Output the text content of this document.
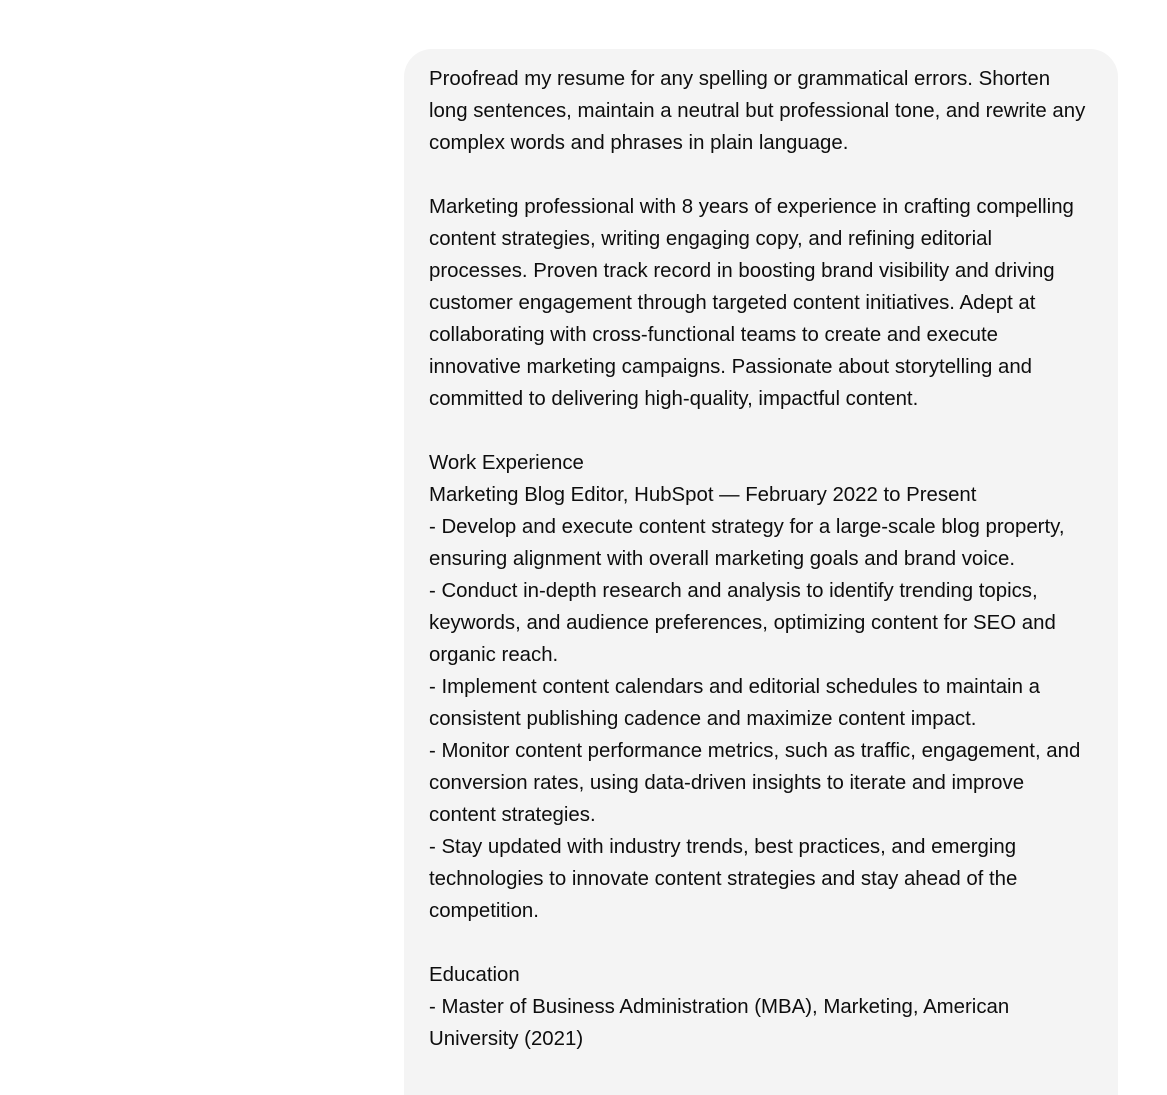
Proofread my resume for any spelling or grammatical errors. Shorten long sentences, maintain a neutral but professional tone, and rewrite any complex words and phrases in plain language.

Marketing professional with 8 years of experience in crafting compelling content strategies, writing engaging copy, and refining editorial processes. Proven track record in boosting brand visibility and driving customer engagement through targeted content initiatives. Adept at collaborating with cross-functional teams to create and execute innovative marketing campaigns. Passionate about storytelling and committed to delivering high-quality, impactful content.

Work Experience
Marketing Blog Editor, HubSpot — February 2022 to Present
- Develop and execute content strategy for a large-scale blog property, ensuring alignment with overall marketing goals and brand voice.
- Conduct in-depth research and analysis to identify trending topics, keywords, and audience preferences, optimizing content for SEO and organic reach.
- Implement content calendars and editorial schedules to maintain a consistent publishing cadence and maximize content impact.
- Monitor content performance metrics, such as traffic, engagement, and conversion rates, using data-driven insights to iterate and improve content strategies.
- Stay updated with industry trends, best practices, and emerging technologies to innovate content strategies and stay ahead of the competition.
Education
- Master of Business Administration (MBA), Marketing, American University (2021)
